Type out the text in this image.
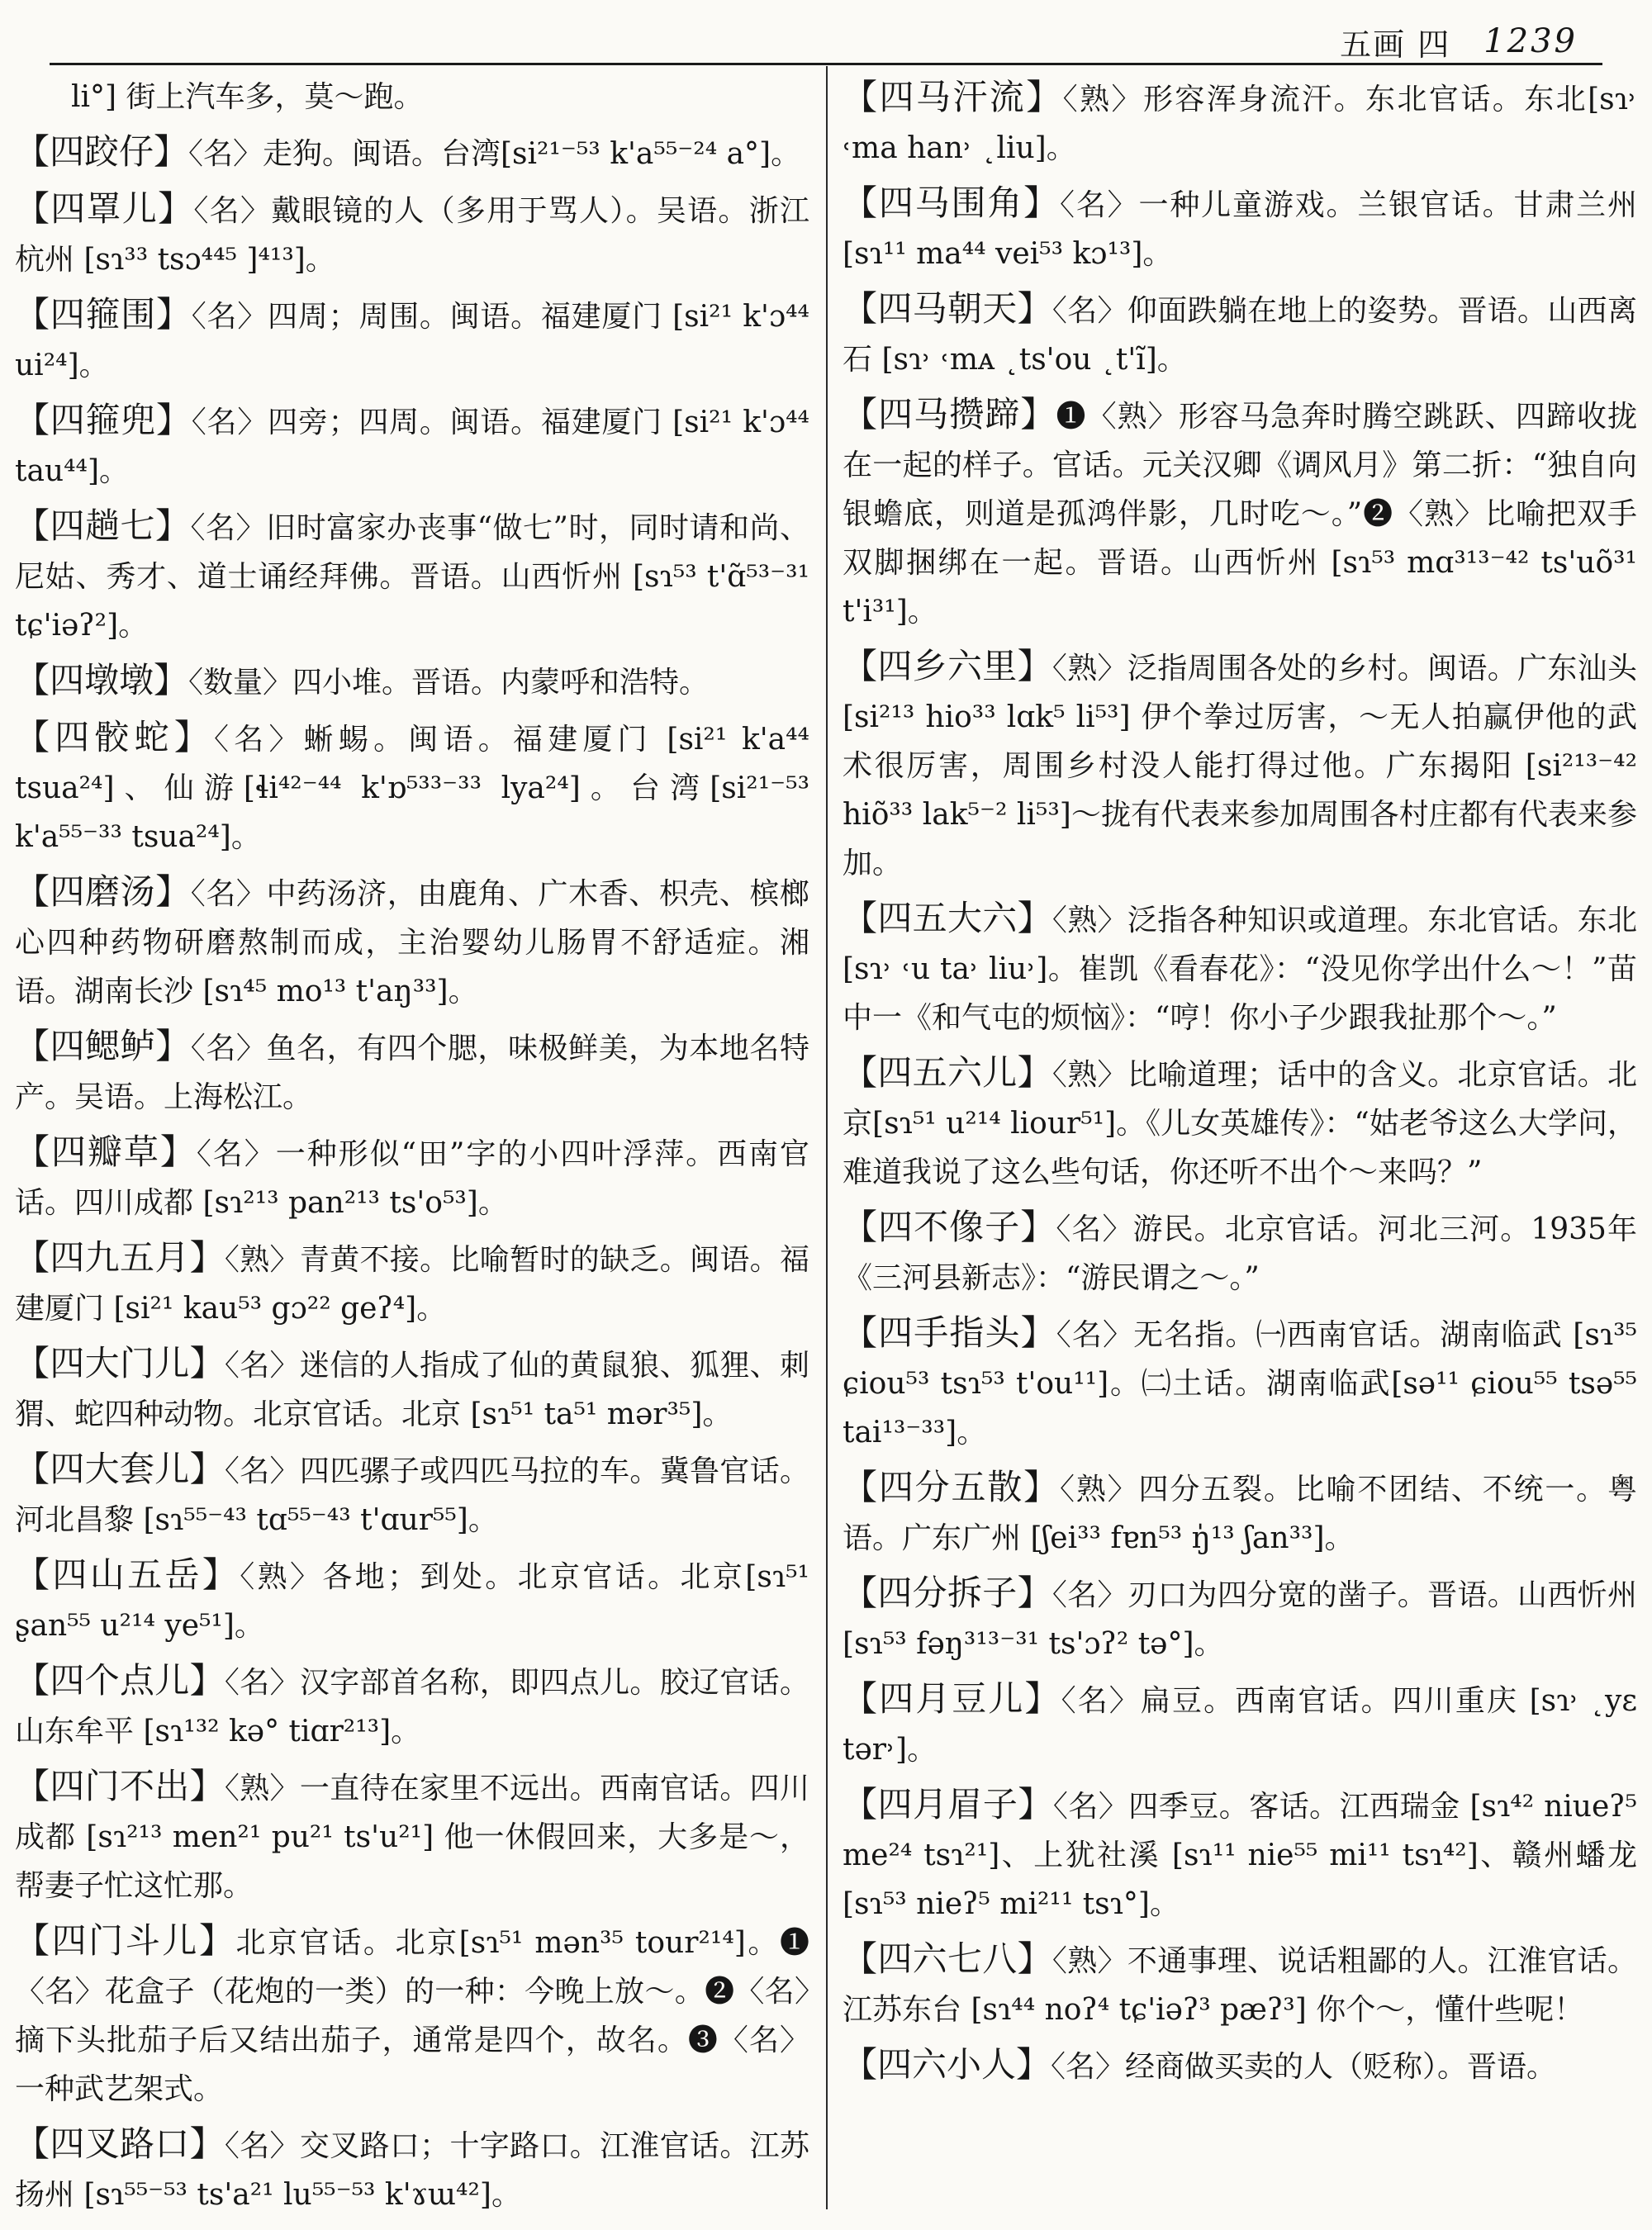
五画 四 1239
li°] 街上汽车多，莫～跑。
【四跤仔】〈名〉走狗。闽语。台湾[si²¹⁻⁵³ k'a⁵⁵⁻²⁴ a°]。
【四罩儿】〈名〉戴眼镜的人（多用于骂人）。吴语。浙江杭州 [sɿ³³ tsɔ⁴⁴⁵ ]⁴¹³]。
【四箍围】〈名〉四周；周围。闽语。福建厦门 [si²¹ k'ɔ⁴⁴ ui²⁴]。
【四箍兜】〈名〉四旁；四周。闽语。福建厦门 [si²¹ k'ɔ⁴⁴ tau⁴⁴]。
【四趟七】〈名〉旧时富家办丧事“做七”时，同时请和尚、尼姑、秀才、道士诵经拜佛。晋语。山西忻州 [sɿ⁵³ t'ɑ̃⁵³⁻³¹ tɕ'iəʔ²]。
【四墩墩】〈数量〉四小堆。晋语。内蒙呼和浩特。
【四骹蛇】〈名〉蜥蜴。闽语。福建厦门 [si²¹ k'a⁴⁴ tsua²⁴]、仙游[ɬi⁴²⁻⁴⁴ k'ɒ⁵³³⁻³³ lya²⁴]。台湾[si²¹⁻⁵³ k'a⁵⁵⁻³³ tsua²⁴]。
【四磨汤】〈名〉中药汤济，由鹿角、广木香、枳壳、槟榔心四种药物研磨熬制而成，主治婴幼儿肠胃不舒适症。湘语。湖南长沙 [sɿ⁴⁵ mo¹³ t'aŋ³³]。
【四鳃鲈】〈名〉鱼名，有四个腮，味极鲜美，为本地名特产。吴语。上海松江。
【四瓣草】〈名〉一种形似“田”字的小四叶浮萍。西南官话。四川成都 [sɿ²¹³ pan²¹³ ts'o⁵³]。
【四九五月】〈熟〉青黄不接。比喻暂时的缺乏。闽语。福建厦门 [si²¹ kau⁵³ gɔ²² geʔ⁴]。
【四大门儿】〈名〉迷信的人指成了仙的黄鼠狼、狐狸、刺猬、蛇四种动物。北京官话。北京 [sɿ⁵¹ ta⁵¹ mər³⁵]。
【四大套儿】〈名〉四匹骡子或四匹马拉的车。冀鲁官话。河北昌黎 [sɿ⁵⁵⁻⁴³ tɑ⁵⁵⁻⁴³ t'ɑur⁵⁵]。
【四山五岳】〈熟〉各地；到处。北京官话。北京[sɿ⁵¹ ʂan⁵⁵ u²¹⁴ ye⁵¹]。
【四个点儿】〈名〉汉字部首名称，即四点儿。胶辽官话。山东牟平 [sɿ¹³² kə° tiɑr²¹³]。
【四门不出】〈熟〉一直待在家里不远出。西南官话。四川成都 [sɿ²¹³ men²¹ pu²¹ ts'u²¹] 他一休假回来，大多是～，帮妻子忙这忙那。
【四门斗儿】北京官话。北京[sɿ⁵¹ mən³⁵ tour²¹⁴]。❶〈名〉花盒子（花炮的一类）的一种：今晚上放～。❷〈名〉摘下头批茄子后又结出茄子，通常是四个，故名。❸〈名〉一种武艺架式。
【四叉路口】〈名〉交叉路口；十字路口。江淮官话。江苏扬州 [sɿ⁵⁵⁻⁵³ ts'a²¹ lu⁵⁵⁻⁵³ k'ɤɯ⁴²]。
【四马汗流】〈熟〉形容浑身流汗。东北官话。东北[sɿ˒ ˓ma han˒ ˛liu]。
【四马围角】〈名〉一种儿童游戏。兰银官话。甘肃兰州 [sɿ¹¹ ma⁴⁴ vei⁵³ kɔ¹³]。
【四马朝天】〈名〉仰面跌躺在地上的姿势。晋语。山西离石 [sɿ˒ ˓mᴀ ˛ts'ou ˛t'ĩ]。
【四马攒蹄】❶〈熟〉形容马急奔时腾空跳跃、四蹄收拢在一起的样子。官话。元关汉卿《调风月》第二折：“独自向银蟾底，则道是孤鸿伴影，几时吃～。”❷〈熟〉比喻把双手双脚捆绑在一起。晋语。山西忻州 [sɿ⁵³ mɑ³¹³⁻⁴² ts'uõ³¹ t'i³¹]。
【四乡六里】〈熟〉泛指周围各处的乡村。闽语。广东汕头 [si²¹³ hio³³ lɑk⁵ li⁵³] 伊个拳过厉害，～无人拍赢伊他的武术很厉害，周围乡村没人能打得过他。广东揭阳 [si²¹³⁻⁴² hiõ³³ lak⁵⁻² li⁵³]～拢有代表来参加周围各村庄都有代表来参加。
【四五大六】〈熟〉泛指各种知识或道理。东北官话。东北[sɿ˒ ˓u ta˒ liu˒]。崔凯《看春花》：“没见你学出什么～！”苗中一《和气屯的烦恼》：“哼！你小子少跟我扯那个～。”
【四五六儿】〈熟〉比喻道理；话中的含义。北京官话。北京[sɿ⁵¹ u²¹⁴ liour⁵¹]。《儿女英雄传》：“姑老爷这么大学问，难道我说了这么些句话，你还听不出个～来吗？”
【四不像子】〈名〉游民。北京官话。河北三河。1935年《三河县新志》：“游民谓之～。”
【四手指头】〈名〉无名指。㈠西南官话。湖南临武 [sɿ³⁵ ɕiou⁵³ tsɿ⁵³ t'ou¹¹]。㈡土话。湖南临武[sə¹¹ ɕiou⁵⁵ tsə⁵⁵ tai¹³⁻³³]。
【四分五散】〈熟〉四分五裂。比喻不团结、不统一。粤语。广东广州 [ʃei³³ fɐn⁵³ ŋ̍¹³ ʃan³³]。
【四分拆子】〈名〉刃口为四分宽的凿子。晋语。山西忻州 [sɿ⁵³ fəŋ³¹³⁻³¹ ts'ɔʔ² tə°]。
【四月豆儿】〈名〉扁豆。西南官话。四川重庆 [sɿ˒ ˛yɛ tər˒]。
【四月眉子】〈名〉四季豆。客话。江西瑞金 [sɿ⁴² niueʔ⁵ me²⁴ tsɿ²¹]、上犹社溪 [sɿ¹¹ nie⁵⁵ mi¹¹ tsɿ⁴²]、赣州蟠龙 [sɿ⁵³ nieʔ⁵ mi²¹¹ tsɿ°]。
【四六七八】〈熟〉不通事理、说话粗鄙的人。江淮官话。江苏东台 [sɿ⁴⁴ noʔ⁴ tɕ'iəʔ³ pæʔ³] 你个～，懂什些呢！
【四六小人】〈名〉经商做买卖的人（贬称）。晋语。
